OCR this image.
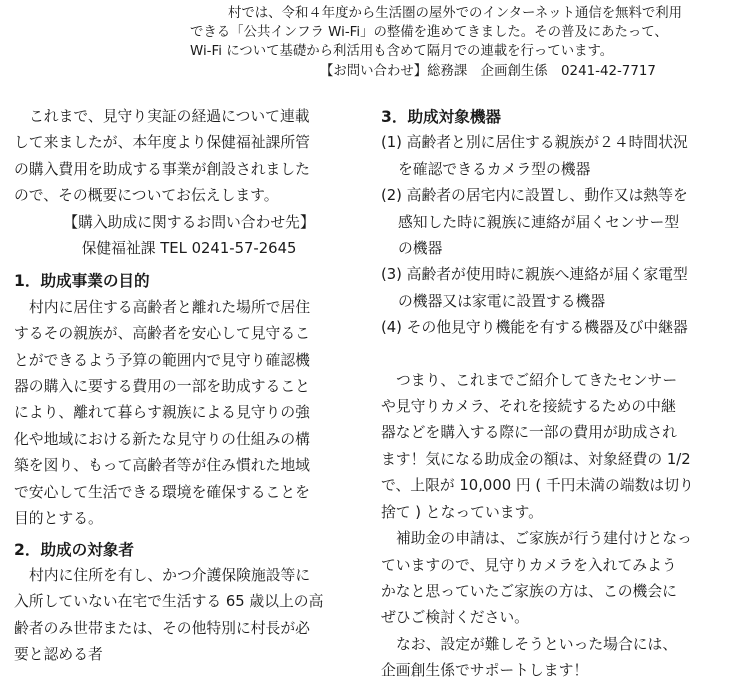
村では、令和４年度から生活圏の屋外でのインターネット通信を無料で利用
できる「公共インフラ Wi-Fi」の整備を進めてきました。その普及にあたって、
Wi-Fi について基礎から利活用も含めて隔月での連載を行っています。
【お問い合わせ】総務課　企画創生係　0241-42-7717
これまで、見守り実証の経過について連載
して来ましたが、本年度より保健福祉課所管
の購入費用を助成する事業が創設されました
ので、その概要についてお伝えします。
【購入助成に関するお問い合わせ先】
保健福祉課 TEL 0241-57-2645
1．助成事業の目的
村内に居住する高齢者と離れた場所で居住
するその親族が、高齢者を安心して見守るこ
とができるよう予算の範囲内で見守り確認機
器の購入に要する費用の一部を助成すること
により、離れて暮らす親族による見守りの強
化や地域における新たな見守りの仕組みの構
築を図り、もって高齢者等が住み慣れた地域
で安心して生活できる環境を確保することを
目的とする。
2．助成の対象者
村内に住所を有し、かつ介護保険施設等に
入所していない在宅で生活する 65 歳以上の高
齢者のみ世帯または、その他特別に村長が必
要と認める者
3．助成対象機器
(1) 高齢者と別に居住する親族が２４時間状況
を確認できるカメラ型の機器
(2) 高齢者の居宅内に設置し、動作又は熱等を
感知した時に親族に連絡が届くセンサー型
の機器
(3) 高齢者が使用時に親族へ連絡が届く家電型
の機器又は家電に設置する機器
(4) その他見守り機能を有する機器及び中継器
つまり、これまでご紹介してきたセンサー
や見守りカメラ、それを接続するための中継
器などを購入する際に一部の費用が助成され
ます！気になる助成金の額は、対象経費の 1/2
で、上限が 10,000 円 ( 千円未満の端数は切り
捨て ) となっています。
補助金の申請は、ご家族が行う建付けとなっ
ていますので、見守りカメラを入れてみよう
かなと思っていたご家族の方は、この機会に
ぜひご検討ください。
なお、設定が難しそうといった場合には、
企画創生係でサポートします！
